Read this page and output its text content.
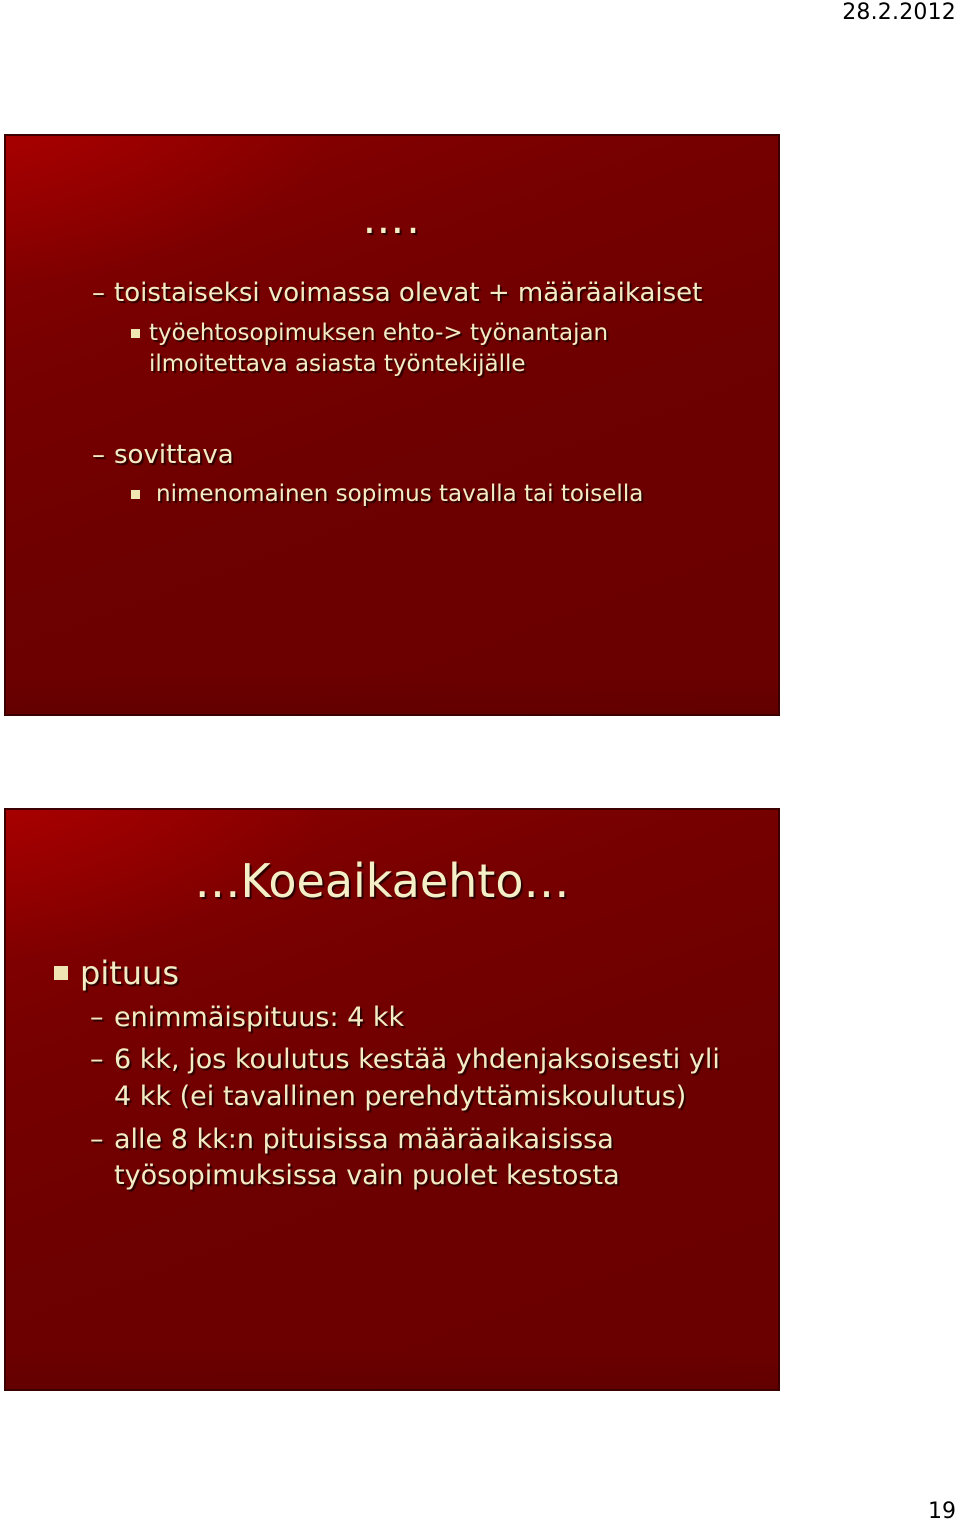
28.2.2012
….
– toistaiseksi voimassa olevat + määräaikaiset
työehtosopimuksen ehto-> työnantajan
ilmoitettava asiasta työntekijälle
– sovittava
nimenomainen sopimus tavalla tai toisella
…Koeaikaehto…
pituus
– enimmäispituus: 4 kk
– 6 kk, jos koulutus kestää yhdenjaksoisesti yli
4 kk (ei tavallinen perehdyttämiskoulutus)
– alle 8 kk:n pituisissa määräaikaisissa
työsopimuksissa vain puolet kestosta
19
